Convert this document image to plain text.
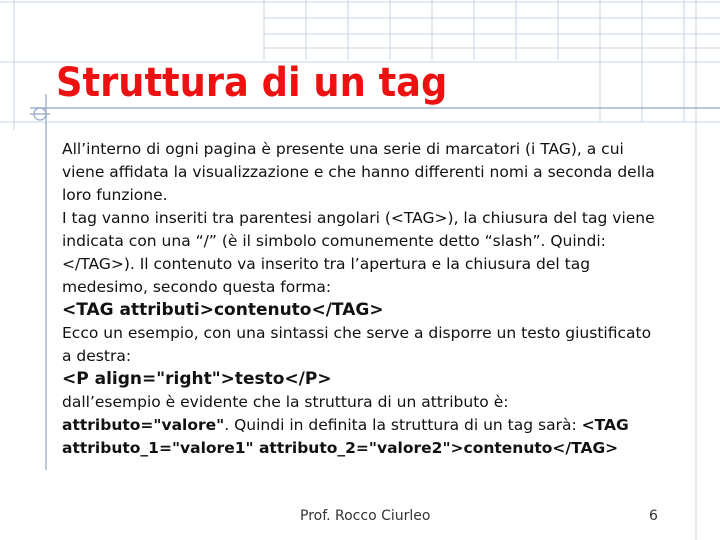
Struttura di un tag

All’interno di ogni pagina è presente una serie di marcatori (i TAG), a cui viene affidata la visualizzazione e che hanno differenti nomi a seconda della loro funzione.

I tag vanno inseriti tra parentesi angolari (<TAG>), la chiusura del tag viene indicata con una “/” (è il simbolo comunemente detto “slash”. Quindi: </TAG>). Il contenuto va inserito tra l’apertura e la chiusura del tag medesimo, secondo questa forma:

<TAG attributi>contenuto</TAG>

Ecco un esempio, con una sintassi che serve a disporre un testo giustificato a destra:

<P align="right">testo</P>

dall’esempio è evidente che la struttura di un attributo è: attributo="valore". Quindi in definita la struttura di un tag sarà: <TAG attributo_1="valore1" attributo_2="valore2">contenuto</TAG>

Prof. Rocco Ciurleo	6
